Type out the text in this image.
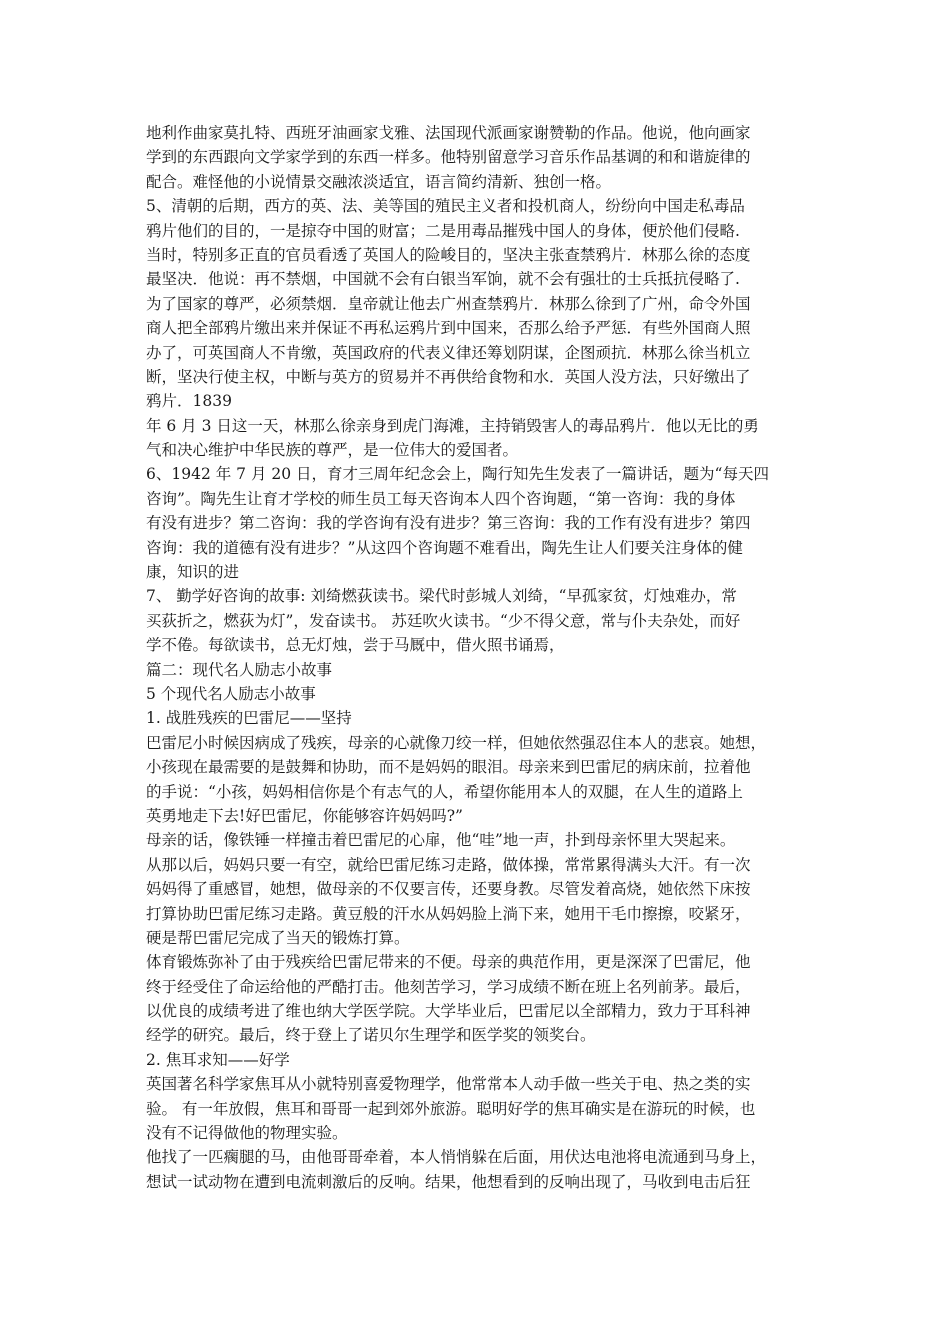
地利作曲家莫扎特、西班牙油画家戈雅、法国现代派画家谢赞勒的作品。他说，他向画家
学到的东西跟向文学家学到的东西一样多。他特别留意学习音乐作品基调的和和谐旋律的
配合。难怪他的小说情景交融浓淡适宜，语言简约清新、独创一格。
5、清朝的后期，西方的英、法、美等国的殖民主义者和投机商人，纷纷向中国走私毒品
鸦片他们的目的，一是掠夺中国的财富；二是用毒品摧残中国人的身体，便於他们侵略.
当时，特别多正直的官员看透了英国人的险峻目的，坚决主张查禁鸦片．林那么徐的态度
最坚决．他说：再不禁烟，中国就不会有白银当军饷，就不会有强壮的士兵抵抗侵略了.
为了国家的尊严，必须禁烟．皇帝就让他去广州查禁鸦片．林那么徐到了广州，命令外国
商人把全部鸦片缴出来并保证不再私运鸦片到中国来，否那么给予严惩．有些外国商人照
办了，可英国商人不肯缴，英国政府的代表义律还筹划阴谋，企图顽抗．林那么徐当机立
断，坚决行使主权，中断与英方的贸易并不再供给食物和水．英国人没方法，只好缴出了
鸦片．1839
年 6 月 3 日这一天，林那么徐亲身到虎门海滩，主持销毁害人的毒品鸦片．他以无比的勇
气和决心维护中华民族的尊严，是一位伟大的爱国者。
6、1942 年 7 月 20 日，育才三周年纪念会上，陶行知先生发表了一篇讲话，题为“每天四
咨询”。陶先生让育才学校的师生员工每天咨询本人四个咨询题，“第一咨询：我的身体
有没有进步？第二咨询：我的学咨询有没有进步？第三咨询：我的工作有没有进步？第四
咨询：我的道德有没有进步？”从这四个咨询题不难看出，陶先生让人们要关注身体的健
康，知识的进
7、 勤学好咨询的故事: 刘绮燃荻读书。梁代时彭城人刘绮，“早孤家贫，灯烛难办，常
买荻折之，燃荻为灯”，发奋读书。 苏廷吹火读书。“少不得父意，常与仆夫杂处，而好
学不倦。每欲读书，总无灯烛，尝于马厩中，借火照书诵焉，
篇二：现代名人励志小故事
5 个现代名人励志小故事
1. 战胜残疾的巴雷尼——坚持
巴雷尼小时候因病成了残疾，母亲的心就像刀绞一样，但她依然强忍住本人的悲哀。她想，
小孩现在最需要的是鼓舞和协助，而不是妈妈的眼泪。母亲来到巴雷尼的病床前，拉着他
的手说：“小孩，妈妈相信你是个有志气的人，希望你能用本人的双腿，在人生的道路上
英勇地走下去!好巴雷尼，你能够容许妈妈吗?”
母亲的话，像铁锤一样撞击着巴雷尼的心扉，他“哇”地一声，扑到母亲怀里大哭起来。
从那以后，妈妈只要一有空，就给巴雷尼练习走路，做体操，常常累得满头大汗。有一次
妈妈得了重感冒，她想，做母亲的不仅要言传，还要身教。尽管发着高烧，她依然下床按
打算协助巴雷尼练习走路。黄豆般的汗水从妈妈脸上淌下来，她用干毛巾擦擦，咬紧牙，
硬是帮巴雷尼完成了当天的锻炼打算。
体育锻炼弥补了由于残疾给巴雷尼带来的不便。母亲的典范作用，更是深深了巴雷尼，他
终于经受住了命运给他的严酷打击。他刻苦学习，学习成绩不断在班上名列前茅。最后，
以优良的成绩考进了维也纳大学医学院。大学毕业后，巴雷尼以全部精力，致力于耳科神
经学的研究。最后，终于登上了诺贝尔生理学和医学奖的领奖台。
2. 焦耳求知——好学
英国著名科学家焦耳从小就特别喜爱物理学，他常常本人动手做一些关于电、热之类的实
验。 有一年放假，焦耳和哥哥一起到郊外旅游。聪明好学的焦耳确实是在游玩的时候，也
没有不记得做他的物理实验。
他找了一匹瘸腿的马，由他哥哥牵着，本人悄悄躲在后面，用伏达电池将电流通到马身上，
想试一试动物在遭到电流刺激后的反响。结果，他想看到的反响出现了，马收到电击后狂
